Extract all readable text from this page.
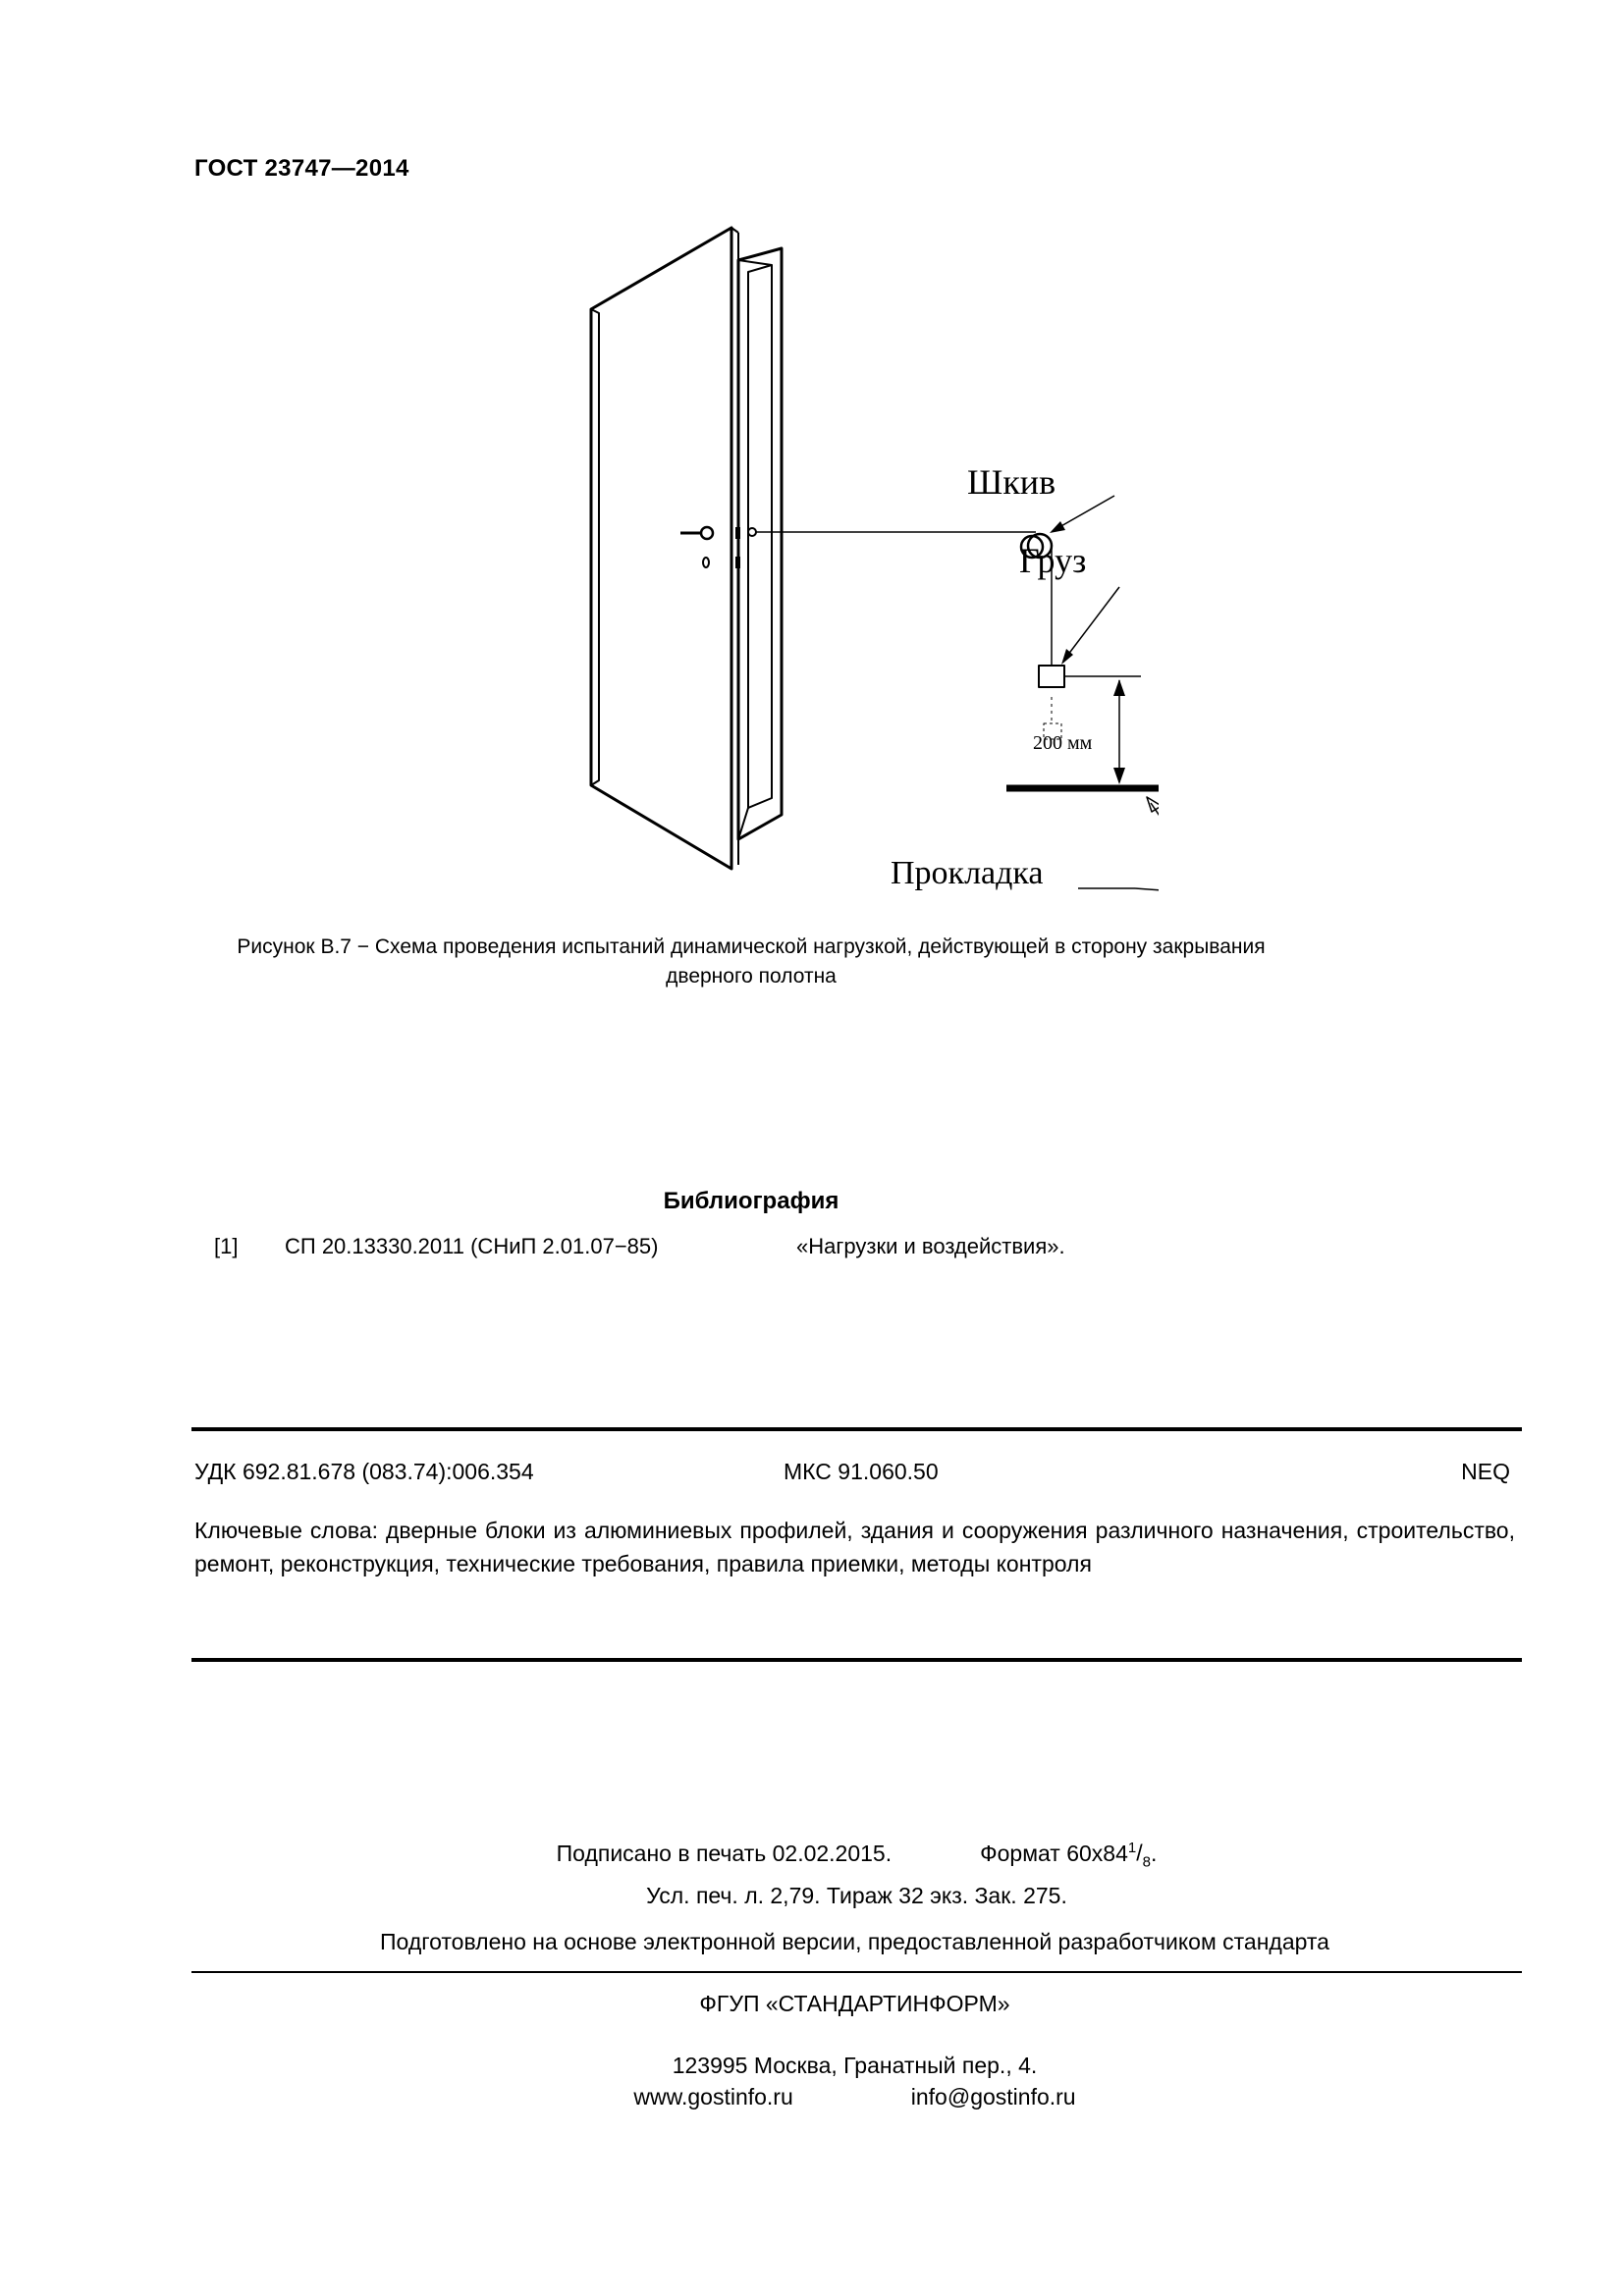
ГОСТ 23747—2014
Шкив
Груз
200 мм
Прокладка
Рисунок В.7 − Схема проведения испытаний динамической нагрузкой, действующей в сторону закрывания
дверного полотна
Библиография
[1] СП 20.13330.2011 (СНиП 2.01.07−85)	«Нагрузки и воздействия».
УДК 692.81.678 (083.74):006.354	МКС 91.060.50	NEQ
Ключевые слова: дверные блоки из алюминиевых профилей, здания и сооружения различного назначения, строительство, ремонт, реконструкция, технические требования, правила приемки, методы контроля
Подписано в печать 02.02.2015.	Формат $60x84^1/_8$.
Усл. печ. л. 2,79. Тираж 32 экз. Зак. 275.
Подготовлено на основе электронной версии, предоставленной разработчиком стандарта
ФГУП «СТАНДАРТИНФОРМ»
123995 Москва, Гранатный пер., 4.
www.gostinfo.ru	info@gostinfo.ru
